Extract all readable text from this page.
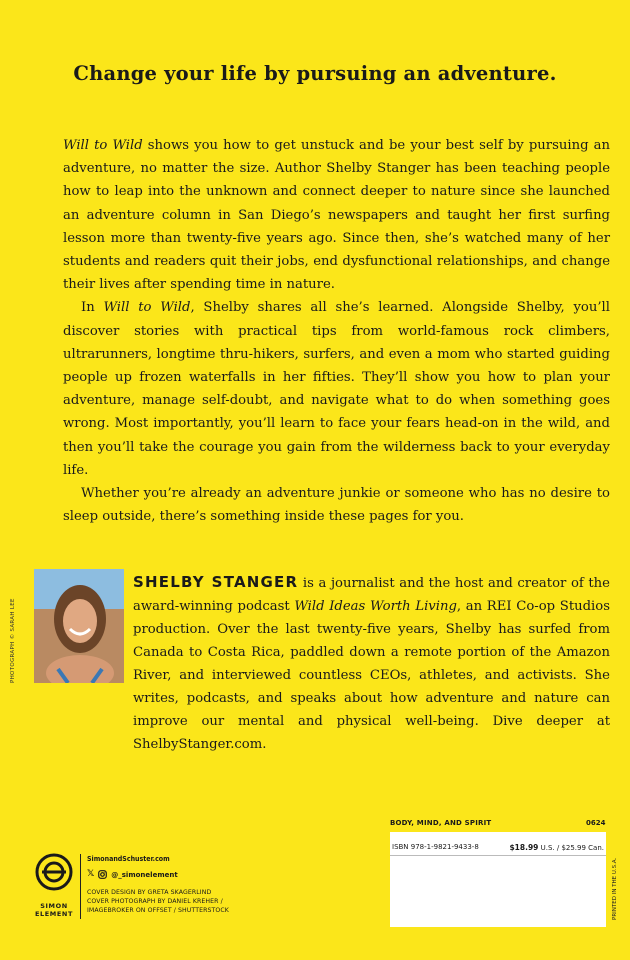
Change your life by pursuing an adventure.

Will to Wild shows you how to get unstuck and be your best self by pursuing an adventure, no matter the size. Author Shelby Stanger has been teaching people how to leap into the unknown and connect deeper to nature since she launched an adventure column in San Diego’s newspapers and taught her first surfing lesson more than twenty-five years ago. Since then, she’s watched many of her students and readers quit their jobs, end dysfunctional relationships, and change their lives after spending time in nature.

In Will to Wild, Shelby shares all she’s learned. Alongside Shelby, you’ll discover stories with practical tips from world-famous rock climbers, ultrarunners, longtime thru-hikers, surfers, and even a mom who started guiding people up frozen waterfalls in her fifties. They’ll show you how to plan your adventure, manage self-doubt, and navigate what to do when something goes wrong. Most importantly, you’ll learn to face your fears head-on in the wild, and then you’ll take the courage you gain from the wilderness back to your everyday life.

Whether you’re already an adventure junkie or someone who has no desire to sleep outside, there’s something inside these pages for you.

PHOTOGRAPH © SARAH LEE
SHELBY STANGER is a journalist and the host and creator of the award-winning podcast Wild Ideas Worth Living, an REI Co-op Studios production. Over the last twenty-five years, Shelby has surfed from Canada to Costa Rica, paddled down a remote portion of the Amazon River, and interviewed countless CEOs, athletes, and activists. She writes, podcasts, and speaks about how adventure and nature can improve our mental and physical well-being. Dive deeper at ShelbyStanger.com.
SIMON
ELEMENT
SimonandSchuster.com
𝕏 @_simonelement
COVER DESIGN BY GRETA SKAGERLIND
COVER PHOTOGRAPH BY DANIEL KREHER /
IMAGEBROKER ON OFFSET / SHUTTERSTOCK
BODY, MIND, AND SPIRIT	0624
ISBN 978-1-9821-9433-8	$18.99 U.S. / $25.99 Can.
PRINTED IN THE U.S.A.
